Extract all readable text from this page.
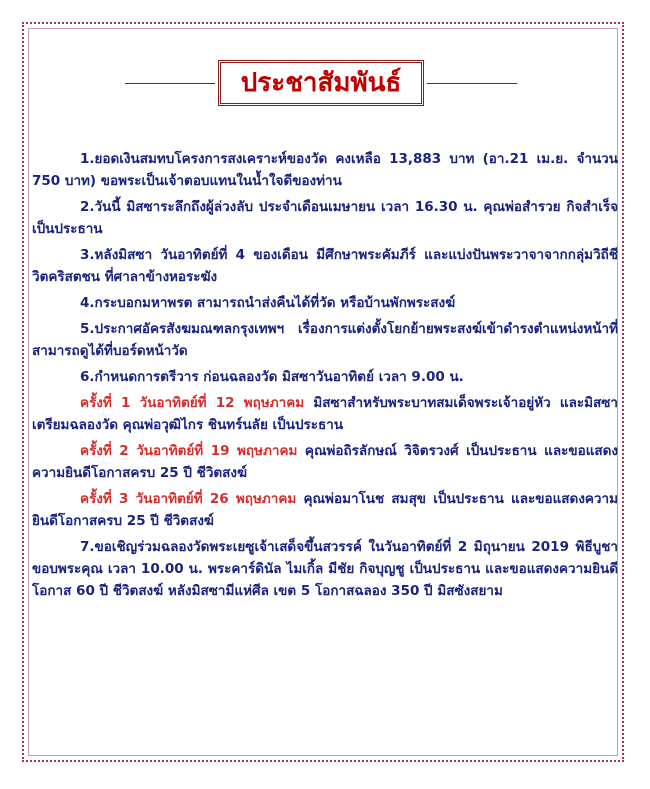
ประชาสัมพันธ์

1.ยอดเงินสมทบโครงการสงเคราะห์ของวัด คงเหลือ 13,883 บาท (อา.21 เม.ย. จำนวน 750 บาท) ขอพระเป็นเจ้าตอบแทนในน้ำใจดีของท่าน

2.วันนี้ มิสซาระลึกถึงผู้ล่วงลับ ประจำเดือนเมษายน เวลา 16.30 น. คุณพ่อสำรวย กิจสำเร็จ เป็นประธาน

3.หลังมิสซา วันอาทิตย์ที่ 4 ของเดือน มีศึกษาพระคัมภีร์ และแบ่งปันพระวาจาจากกลุ่มวิถีชีวิตคริสตชน ที่ศาลาข้างหอระฆัง

4.กระบอกมหาพรต สามารถนำส่งคืนได้ที่วัด หรือบ้านพักพระสงฆ์

5.ประกาศอัครสังฆมณฑลกรุงเทพฯ เรื่องการแต่งตั้งโยกย้ายพระสงฆ์เข้าดำรงตำแหน่งหน้าที่ สามารถดูได้ที่บอร์ดหน้าวัด

6.กำหนดการตรีวาร ก่อนฉลองวัด มิสซาวันอาทิตย์ เวลา 9.00 น.

ครั้งที่ 1 วันอาทิตย์ที่ 12 พฤษภาคม มิสซาสำหรับพระบาทสมเด็จพระเจ้าอยู่หัว และมิสซาเตรียมฉลองวัด คุณพ่อวุฒิไกร ชินทร์นลัย เป็นประธาน

ครั้งที่ 2 วันอาทิตย์ที่ 19 พฤษภาคม คุณพ่อถิรลักษณ์ วิจิตรวงศ์ เป็นประธาน และขอแสดงความยินดีโอกาสครบ 25 ปี ชีวิตสงฆ์

ครั้งที่ 3 วันอาทิตย์ที่ 26 พฤษภาคม คุณพ่อมาโนช สมสุข เป็นประธาน และขอแสดงความยินดีโอกาสครบ 25 ปี ชีวิตสงฆ์

7.ขอเชิญร่วมฉลองวัดพระเยซูเจ้าเสด็จขึ้นสวรรค์ ในวันอาทิตย์ที่ 2 มิถุนายน 2019 พิธีบูชาขอบพระคุณ เวลา 10.00 น. พระคาร์ดินัล ไมเกิ้ล มีชัย กิจบุญชู เป็นประธาน และขอแสดงความยินดีโอกาส 60 ปี ชีวิตสงฆ์ หลังมิสซามีแห่ศีล เขต 5 โอกาสฉลอง 350 ปี มิสซังสยาม
